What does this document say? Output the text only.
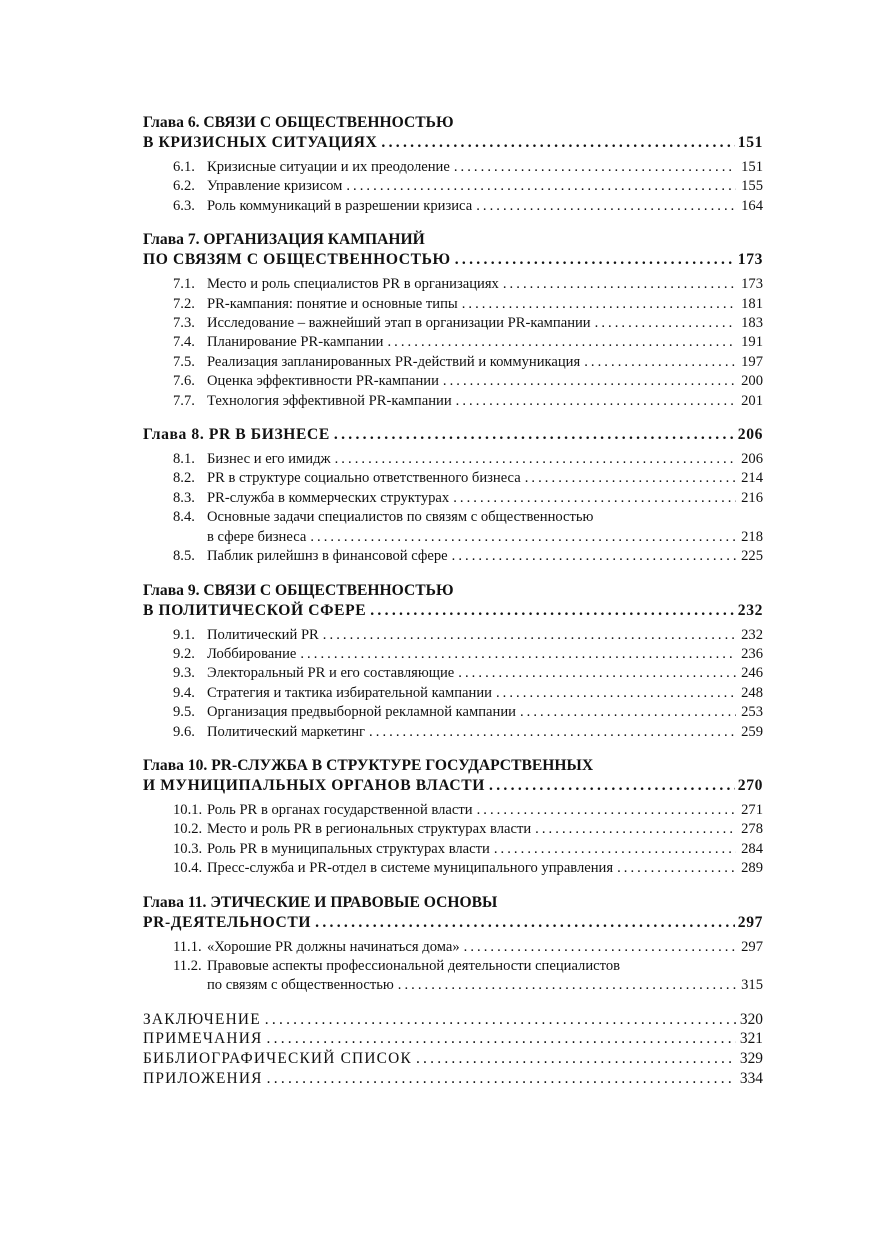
Глава 6. СВЯЗИ С ОБЩЕСТВЕННОСТЬЮ
В КРИЗИСНЫХ СИТУАЦИЯХ . . .	151
6.1. Кризисные ситуации и их преодоление . . .	151
6.2. Управление кризисом . . .	155
6.3. Роль коммуникаций в разрешении кризиса . . .	164
Глава 7. ОРГАНИЗАЦИЯ КАМПАНИЙ
ПО СВЯЗЯМ С ОБЩЕСТВЕННОСТЬЮ . . .	173
7.1. Место и роль специалистов PR в организациях . . .	173
7.2. PR-кампания: понятие и основные типы . . .	181
7.3. Исследование – важнейший этап в организации PR-кампании . . .	183
7.4. Планирование PR-кампании . . .	191
7.5. Реализация запланированных PR-действий и коммуникация . . .	197
7.6. Оценка эффективности PR-кампании . . .	200
7.7. Технология эффективной PR-кампании . . .	201
Глава 8. PR В БИЗНЕСЕ . . .	206
8.1. Бизнес и его имидж . . .	206
8.2. PR в структуре социально ответственного бизнеса . . .	214
8.3. PR-служба в коммерческих структурах . . .	216
8.4. Основные задачи специалистов по связям с общественностью
в сфере бизнеса . . .	218
8.5. Паблик рилейшнз в финансовой сфере . . .	225
Глава 9. СВЯЗИ С ОБЩЕСТВЕННОСТЬЮ
В ПОЛИТИЧЕСКОЙ СФЕРЕ . . .	232
9.1. Политический PR . . .	232
9.2. Лоббирование . . .	236
9.3. Электоральный PR и его составляющие . . .	246
9.4. Стратегия и тактика избирательной кампании . . .	248
9.5. Организация предвыборной рекламной кампании . . .	253
9.6. Политический маркетинг . . .	259
Глава 10. PR-СЛУЖБА В СТРУКТУРЕ ГОСУДАРСТВЕННЫХ
И МУНИЦИПАЛЬНЫХ ОРГАНОВ ВЛАСТИ . . .	270
10.1. Роль PR в органах государственной власти . . .	271
10.2. Место и роль PR в региональных структурах власти . . .	278
10.3. Роль PR в муниципальных структурах власти . . .	284
10.4. Пресс-служба и PR-отдел в системе муниципального управления . . .	289
Глава 11. ЭТИЧЕСКИЕ И ПРАВОВЫЕ ОСНОВЫ
PR-ДЕЯТЕЛЬНОСТИ . . .	297
11.1. «Хорошие PR должны начинаться дома» . . .	297
11.2. Правовые аспекты профессиональной деятельности специалистов
по связям с общественностью . . .	315
ЗАКЛЮЧЕНИЕ . . .	320
ПРИМЕЧАНИЯ . . .	321
БИБЛИОГРАФИЧЕСКИЙ СПИСОК . . .	329
ПРИЛОЖЕНИЯ . . .	334
